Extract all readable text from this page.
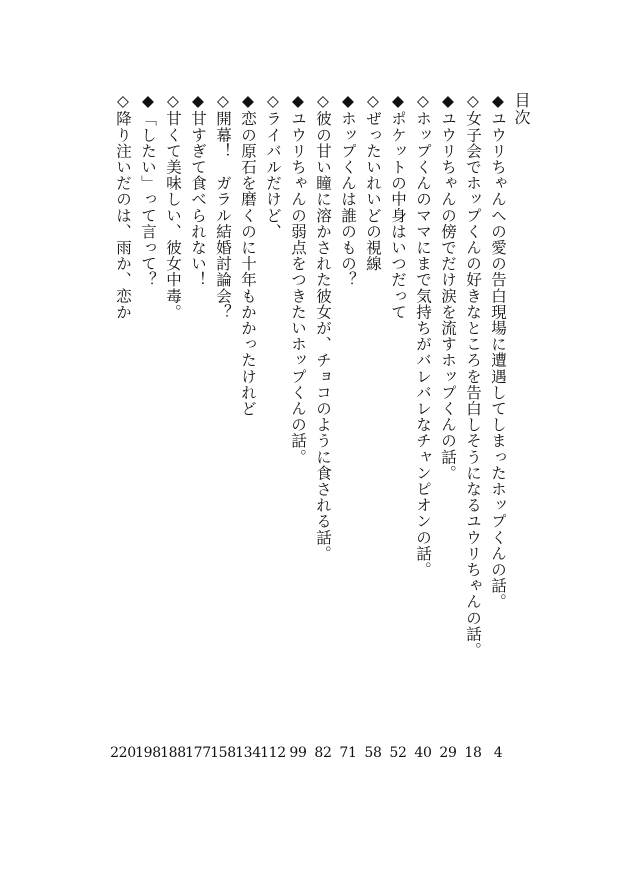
目次
◆ユウリちゃんへの愛の告白現場に遭遇してしまったホップくんの話。
4
◇女子会でホップくんの好きなところを告白しそうになるユウリちゃんの話。
18
◆ユウリちゃんの傍でだけ涙を流すホップくんの話。
29
◇ホップくんのママにまで気持ちがバレバレなチャンピオンの話。
40
◆ポケットの中身はいつだって
52
◇ぜったいれいどの視線
58
◆ホップくんは誰のもの？
71
◇彼の甘い瞳に溶かされた彼女が、チョコのように食される話。
82
◆ユウリちゃんの弱点をつきたいホップくんの話。
99
◇ライバルだけど、
112
◆恋の原石を磨くのに十年もかかったけれど
134
◇開幕！　ガラル結婚討論会？
158
◆甘すぎて食べられない！
177
◇甘くて美味しい、彼女中毒。
188
◆「したい」って言って？
198
◇降り注いだのは、雨か、恋か
220
